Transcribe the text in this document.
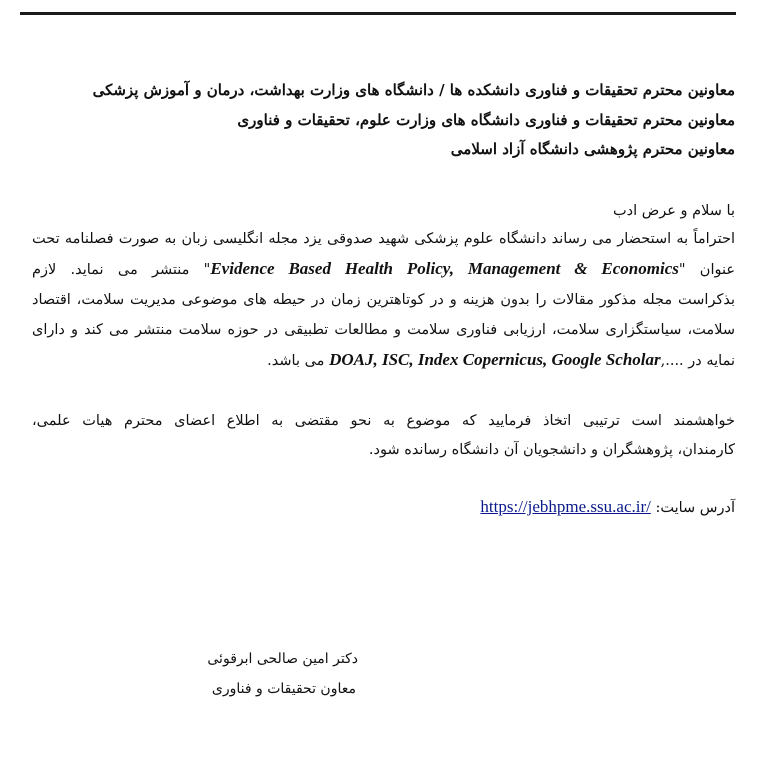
معاونین محترم تحقیقات و فناوری دانشکده ها / دانشگاه های وزارت بهداشت، درمان و آموزش پزشکی
معاونین محترم تحقیقات و فناوری دانشگاه های وزارت علوم، تحقیقات و فناوری
معاونین محترم پژوهشی دانشگاه آزاد اسلامی
با سلام و عرض ادب
احتراماً به استحضار می رساند دانشگاه علوم پزشکی شهید صدوقی یزد مجله انگلیسی زبان به صورت فصلنامه تحت
عنوان "Evidence Based Health Policy, Management & Economics" منتشر می نماید. لازم
بذکراست مجله مذکور مقالات را بدون هزینه و در کوتاهترین زمان در حیطه های موضوعی مدیریت سلامت، اقتصاد
سلامت، سیاستگزاری سلامت، ارزیابی فناوری سلامت و مطالعات تطبیقی در حوزه سلامت منتشر می کند و دارای
نمایه در ....,DOAJ, ISC, Index Copernicus, Google Scholar می باشد.
خواهشمند است ترتیبی اتخاذ فرمایید که موضوع به نحو مقتضی به اطلاع اعضای محترم هیات علمی،
کارمندان، پژوهشگران و دانشجویان آن دانشگاه رسانده شود.
آدرس سایت: https://jebhpme.ssu.ac.ir/
دکتر امین صالحی ابرقوئی
معاون تحقیقات و فناوری
